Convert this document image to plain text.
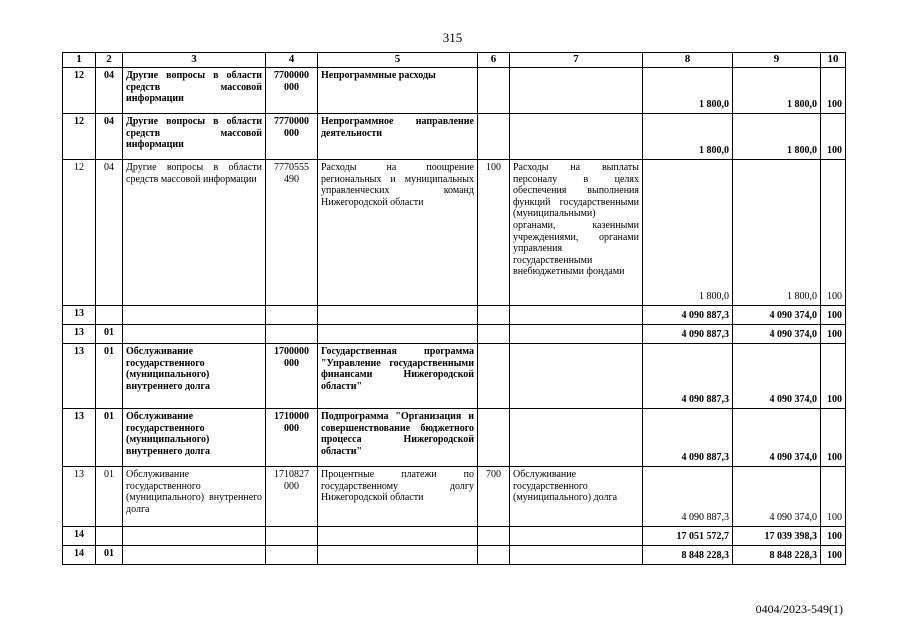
315
1	2	3	4	5	6	7	8	9	10
12	04	Другие вопросы в области средств массовой информации	7700000 000	Непрограммные расходы			1 800,0	1 800,0	100
12	04	Другие вопросы в области средств массовой информации	7770000 000	Непрограммное направление деятельности			1 800,0	1 800,0	100
12	04	Другие вопросы в области средств массовой информации	7770555 490	Расходы на поощрение региональных и муниципальных управленческих команд Нижегородской области	100	Расходы на выплаты персоналу в целях обеспечения выполнения функций государственными (муниципальными) органами, казенными учреждениями, органами управления государственными внебюджетными фондами	1 800,0	1 800,0	100
13							4 090 887,3	4 090 374,0	100
13	01						4 090 887,3	4 090 374,0	100
13	01	Обслуживание государственного (муниципального) внутреннего долга	1700000 000	Государственная программа "Управление государственными финансами Нижегородской области"			4 090 887,3	4 090 374,0	100
13	01	Обслуживание государственного (муниципального) внутреннего долга	1710000 000	Подпрограмма "Организация и совершенствование бюджетного процесса Нижегородской области"			4 090 887,3	4 090 374,0	100
13	01	Обслуживание государственного (муниципального) внутреннего долга	1710827 000	Процентные платежи по государственному долгу Нижегородской области	700	Обслуживание государственного (муниципального) долга	4 090 887,3	4 090 374,0	100
14							17 051 572,7	17 039 398,3	100
14	01						8 848 228,3	8 848 228,3	100
0404/2023-549(1)
